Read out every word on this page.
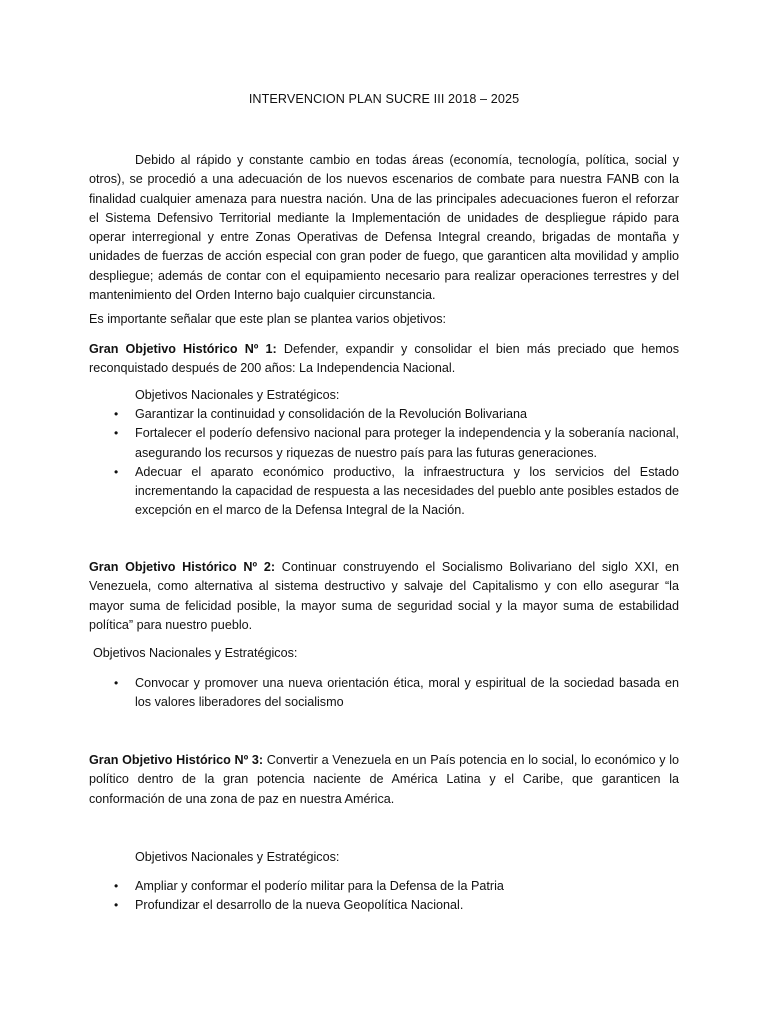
INTERVENCION PLAN SUCRE III 2018 – 2025

Debido al rápido y constante cambio en todas áreas (economía, tecnología, política, social y otros), se procedió a una adecuación de los nuevos escenarios de combate para nuestra FANB con la finalidad cualquier amenaza para nuestra nación. Una de las principales adecuaciones fueron el reforzar el Sistema Defensivo Territorial mediante la Implementación de unidades de despliegue rápido para operar interregional y entre Zonas Operativas de Defensa Integral creando, brigadas de montaña y unidades de fuerzas de acción especial con gran poder de fuego, que garanticen alta movilidad y amplio despliegue; además de contar con el equipamiento necesario para realizar operaciones terrestres y del mantenimiento del Orden Interno bajo cualquier circunstancia.

Es importante señalar que este plan se plantea varios objetivos:

Gran Objetivo Histórico Nº 1: Defender, expandir y consolidar el bien más preciado que hemos reconquistado después de 200 años: La Independencia Nacional.

Objetivos Nacionales y Estratégicos:

• Garantizar la continuidad y consolidación de la Revolución Bolivariana
• Fortalecer el poderío defensivo nacional para proteger la independencia y la soberanía nacional, asegurando los recursos y riquezas de nuestro país para las futuras generaciones.
• Adecuar el aparato económico productivo, la infraestructura y los servicios del Estado incrementando la capacidad de respuesta a las necesidades del pueblo ante posibles estados de excepción en el marco de la Defensa Integral de la Nación.

Gran Objetivo Histórico Nº 2: Continuar construyendo el Socialismo Bolivariano del siglo XXI, en Venezuela, como alternativa al sistema destructivo y salvaje del Capitalismo y con ello asegurar “la mayor suma de felicidad posible, la mayor suma de seguridad social y la mayor suma de estabilidad política” para nuestro pueblo.

Objetivos Nacionales y Estratégicos:

• Convocar y promover una nueva orientación ética, moral y espiritual de la sociedad basada en los valores liberadores del socialismo

Gran Objetivo Histórico Nº 3: Convertir a Venezuela en un País potencia en lo social, lo económico y lo político dentro de la gran potencia naciente de América Latina y el Caribe, que garanticen la conformación de una zona de paz en nuestra América.

Objetivos Nacionales y Estratégicos:

• Ampliar y conformar el poderío militar para la Defensa de la Patria
• Profundizar el desarrollo de la nueva Geopolítica Nacional.
